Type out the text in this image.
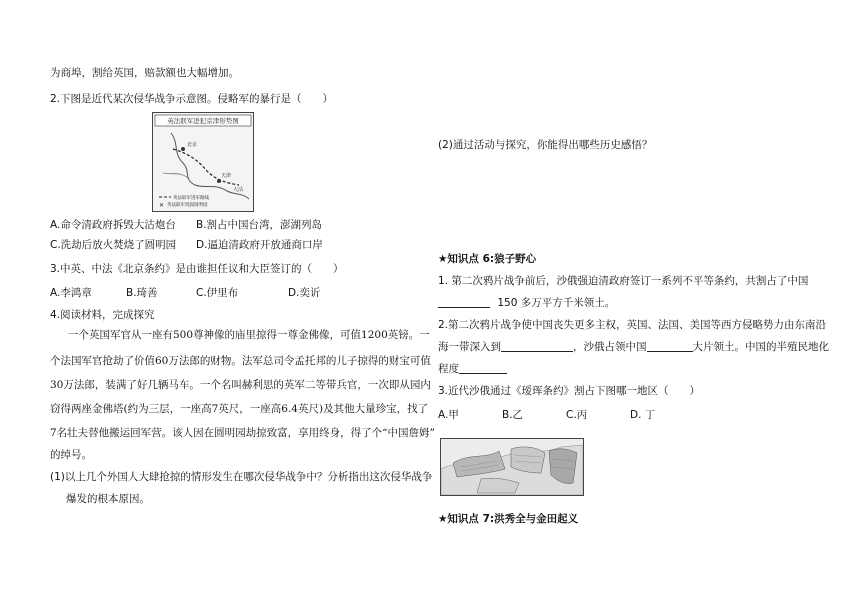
为商埠，割给英国，赔款额也大幅增加。
2.下图是近代某次侵华战争示意图。侵略军的暴行是（　　）
英法联军进犯京津形势图
北京
天津
大沽
英法联军进军路线
✕ 英法联军烧毁圆明园
A.命令清政府拆毁大沽炮台 B.割占中国台湾，澎湖列岛
C.洗劫后放火焚烧了圆明园 D.逼迫清政府开放通商口岸
3.中英、中法《北京条约》是由谁担任议和大臣签订的（　　）
A.李鸿章	B.琦善	C.伊里布	D.奕䜣
4.阅读材料，完成探究
一个英国军官从一座有500尊神像的庙里掠得一尊金佛像，可值1200英镑。一
个法国军官抢劫了价值60万法郎的财物。法军总司令孟托邦的儿子掠得的财宝可值
30万法郎，装满了好几辆马车。一个名叫赫利思的英军二等带兵官，一次即从园内
窃得两座金佛塔(约为三层，一座高7英尺，一座高6.4英尺)及其他大量珍宝，找了
7名壮夫替他搬运回军营。该人因在圆明园劫掠致富，享用终身，得了个“中国詹姆”
的绰号。
(1)以上几个外国人大肆抢掠的情形发生在哪次侵华战争中？分析指出这次侵华战争
爆发的根本原因。
(2)通过活动与探究，你能得出哪些历史感悟？
★知识点 6:狼子野心
1. 第二次鸦片战争前后，沙俄强迫清政府签订一系列不平等条约，共割占了中国
150 多万平方千米领土。
2.第二次鸦片战争使中国丧失更多主权，英国、法国、美国等西方侵略势力由东南沿
海一带深入到	，沙俄占领中国	大片领土。中国的半殖民地化
程度
3.近代沙俄通过《瑷珲条约》割占下图哪一地区（　　）
A.甲	B.乙	C.丙	D. 丁
★知识点 7:洪秀全与金田起义
